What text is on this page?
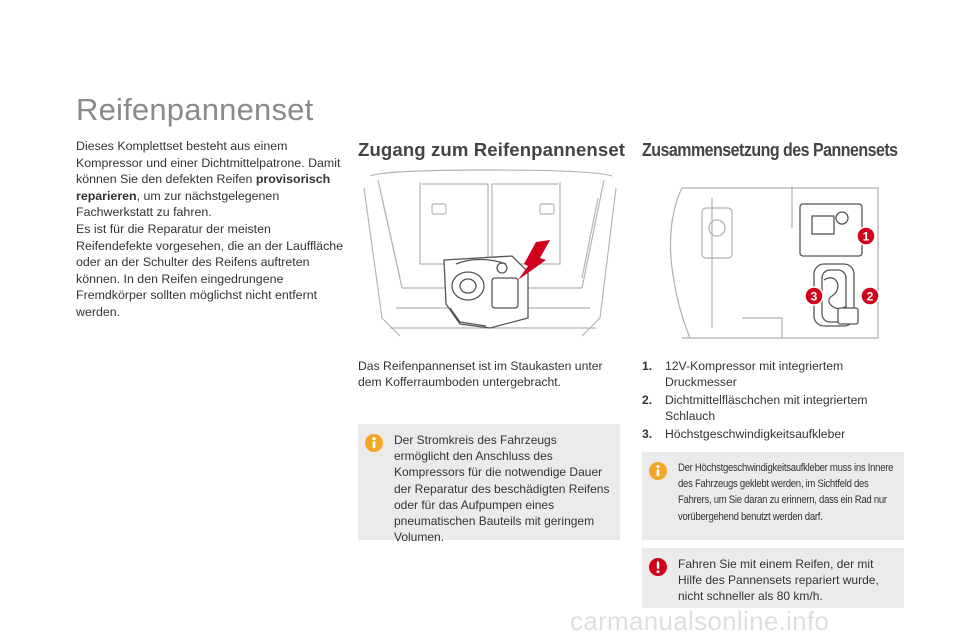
Reifenpannenset

Dieses Komplettset besteht aus einem Kompressor und einer Dichtmittelpatrone. Damit können Sie den defekten Reifen provisorisch reparieren, um zur nächstgelegenen Fachwerkstatt zu fahren.

Es ist für die Reparatur der meisten Reifendefekte vorgesehen, die an der Lauffläche oder an der Schulter des Reifens auftreten können. In den Reifen eingedrungene Fremdkörper sollten möglichst nicht entfernt werden.

Zugang zum Reifenpannenset Zusammensetzung des Pannensets
1
2
3
Das Reifenpannenset ist im Staukasten unter dem Kofferraumboden untergebracht.
1.	12V-Kompressor mit integriertem Druckmesser
2.	Dichtmittelfläschchen mit integriertem Schlauch
3.	Höchstgeschwindigkeitsaufkleber
Der Stromkreis des Fahrzeugs ermöglicht den Anschluss des Kompressors für die notwendige Dauer der Reparatur des beschädigten Reifens oder für das Aufpumpen eines pneumatischen Bauteils mit geringem Volumen.
Der Höchstgeschwindigkeitsaufkleber muss ins Innere des Fahrzeugs geklebt werden, im Sichtfeld des Fahrers, um Sie daran zu erinnern, dass ein Rad nur vorübergehend benutzt werden darf.
Fahren Sie mit einem Reifen, der mit Hilfe des Pannensets repariert wurde, nicht schneller als 80 km/h.
carmanualsonline.info
